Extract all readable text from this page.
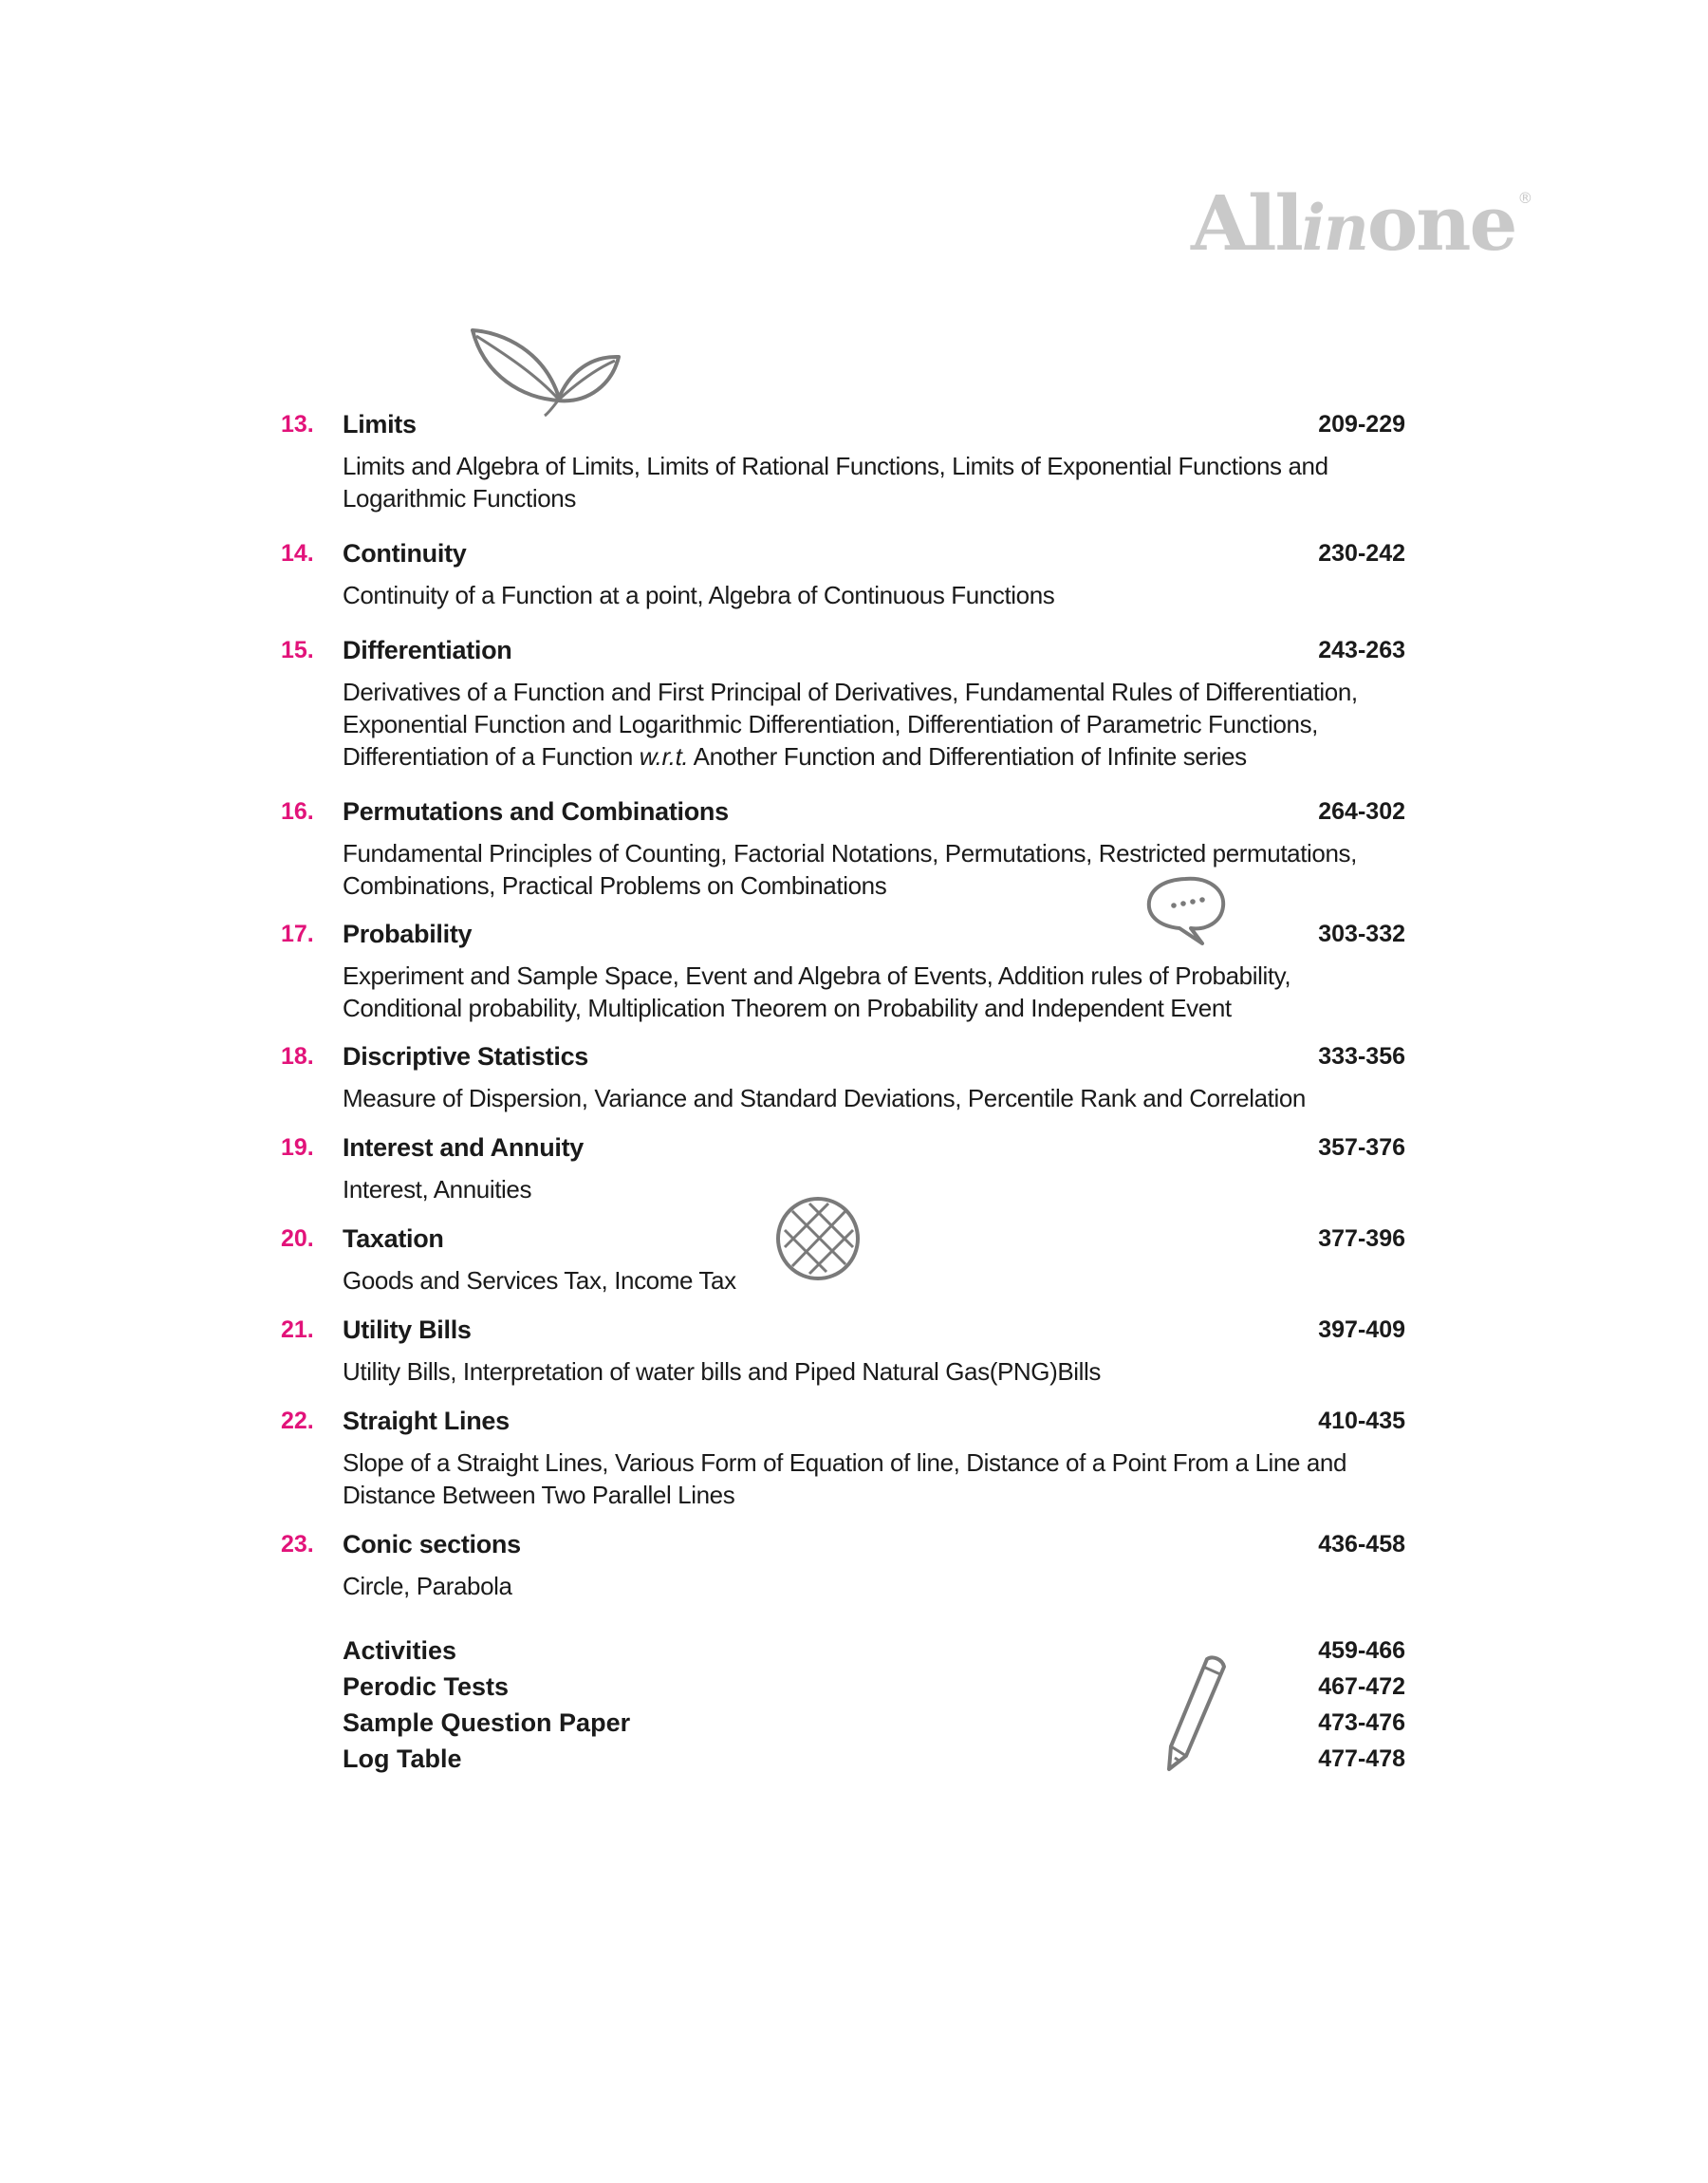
Allinone ®
13.	Limits	209-229
Limits and Algebra of Limits, Limits of Rational Functions, Limits of Exponential Functions and Logarithmic Functions
14.	Continuity	230-242
Continuity of a Function at a point, Algebra of Continuous Functions
15.	Differentiation	243-263
Derivatives of a Function and First Principal of Derivatives, Fundamental Rules of Differentiation, Exponential Function and Logarithmic Differentiation, Differentiation of Parametric Functions, Differentiation of a Function w.r.t. Another Function and Differentiation of Infinite series
16.	Permutations and Combinations	264-302
Fundamental Principles of Counting, Factorial Notations, Permutations, Restricted permutations, Combinations, Practical Problems on Combinations
17.	Probability	303-332
Experiment and Sample Space, Event and Algebra of Events, Addition rules of Probability, Conditional probability, Multiplication Theorem on Probability and Independent Event
18.	Discriptive Statistics	333-356
Measure of Dispersion, Variance and Standard Deviations, Percentile Rank and Correlation
19.	Interest and Annuity	357-376
Interest, Annuities
20.	Taxation	377-396
Goods and Services Tax, Income Tax
21.	Utility Bills	397-409
Utility Bills, Interpretation of water bills and Piped Natural Gas(PNG)Bills
22.	Straight Lines	410-435
Slope of a Straight Lines, Various Form of Equation of line, Distance of a Point From a Line and Distance Between Two Parallel Lines
23.	Conic sections	436-458
Circle, Parabola
Activities	459-466
Perodic Tests	467-472
Sample Question Paper	473-476
Log Table	477-478
